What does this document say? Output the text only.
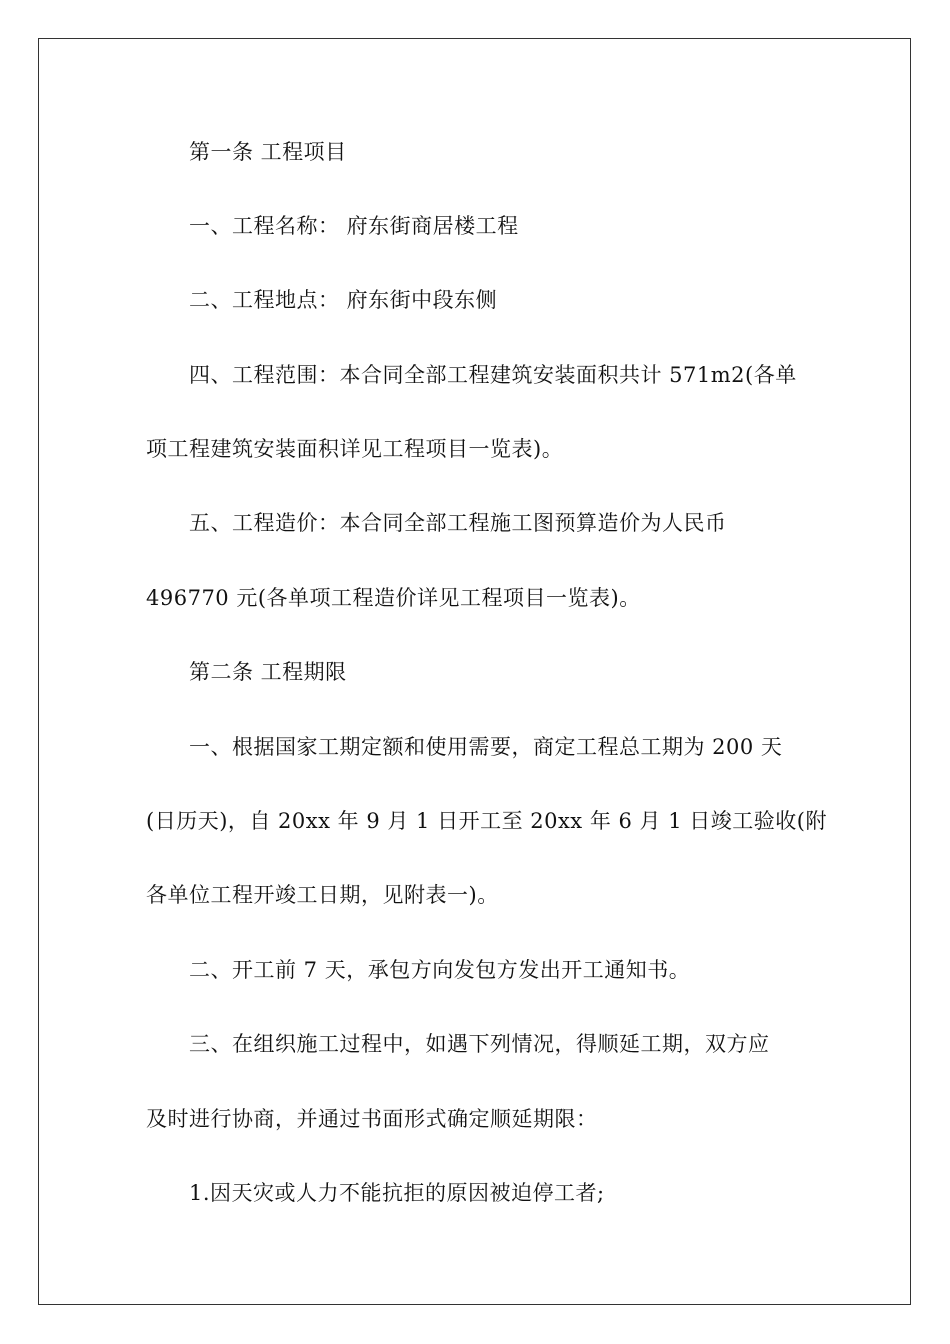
第一条 工程项目
一、工程名称： 府东街商居楼工程
二、工程地点： 府东街中段东侧
四、工程范围：本合同全部工程建筑安装面积共计 571m2(各单
项工程建筑安装面积详见工程项目一览表)。
五、工程造价：本合同全部工程施工图预算造价为人民币
496770 元(各单项工程造价详见工程项目一览表)。
第二条 工程期限
一、根据国家工期定额和使用需要，商定工程总工期为 200 天
(日历天)，自 20xx 年 9 月 1 日开工至 20xx 年 6 月 1 日竣工验收(附
各单位工程开竣工日期，见附表一)。
二、开工前 7 天，承包方向发包方发出开工通知书。
三、在组织施工过程中，如遇下列情况，得顺延工期，双方应
及时进行协商，并通过书面形式确定顺延期限：
1.因天灾或人力不能抗拒的原因被迫停工者;
